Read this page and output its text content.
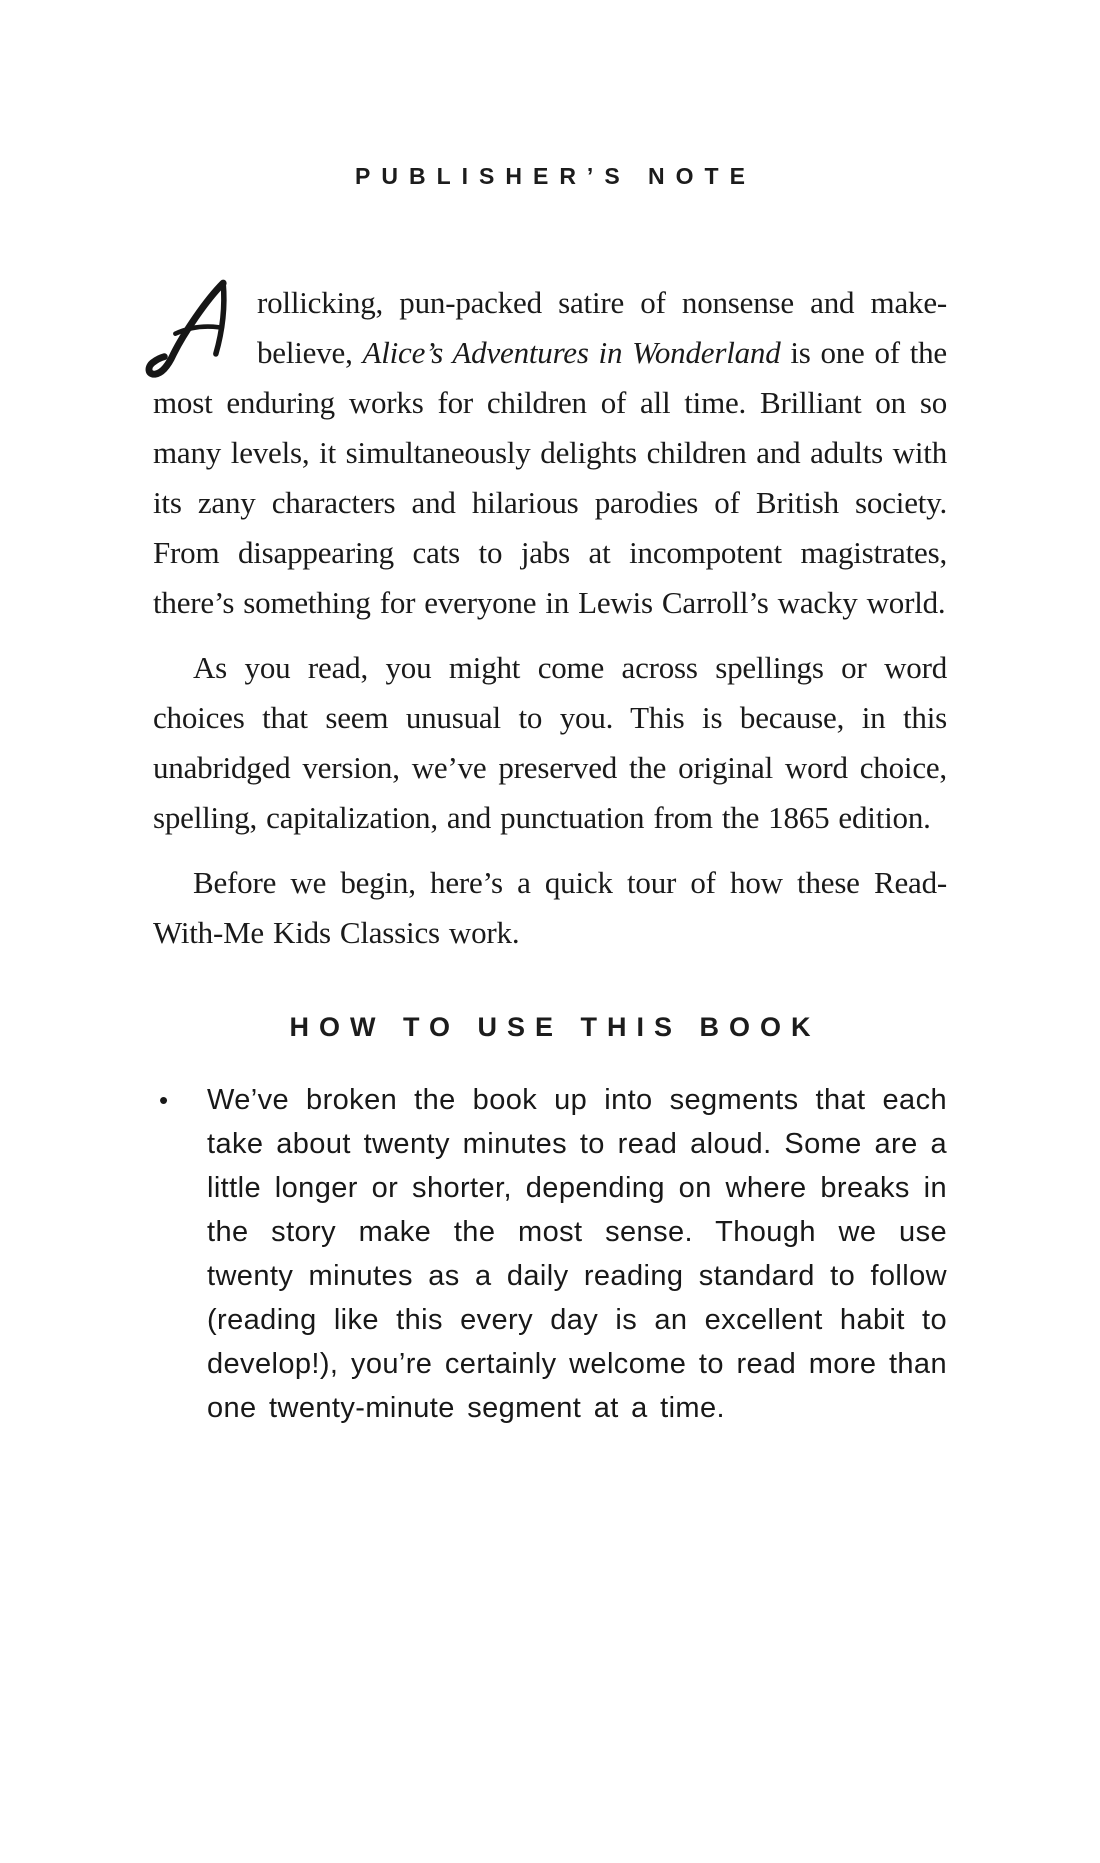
PUBLISHER’S NOTE

rollicking, pun-packed satire of nonsense and make-believe, Alice’s Adventures in Wonderland is one of the most enduring works for children of all time. Brilliant on so many levels, it simultaneously delights children and adults with its zany characters and hilarious parodies of British society. From disappearing cats to jabs at incompotent magistrates, there’s something for everyone in Lewis Carroll’s wacky world.

As you read, you might come across spellings or word choices that seem unusual to you. This is because, in this unabridged version, we’ve preserved the original word choice, spelling, capitalization, and punctuation from the 1865 edition.

Before we begin, here’s a quick tour of how these Read-With-Me Kids Classics work.

HOW TO USE THIS BOOK
•	We’ve broken the book up into segments that each take about twenty minutes to read aloud. Some are a little longer or shorter, depending on where breaks in the story make the most sense. Though we use twenty minutes as a daily reading standard to follow (reading like this every day is an excellent habit to develop!), you’re certainly welcome to read more than one twenty-minute segment at a time.
